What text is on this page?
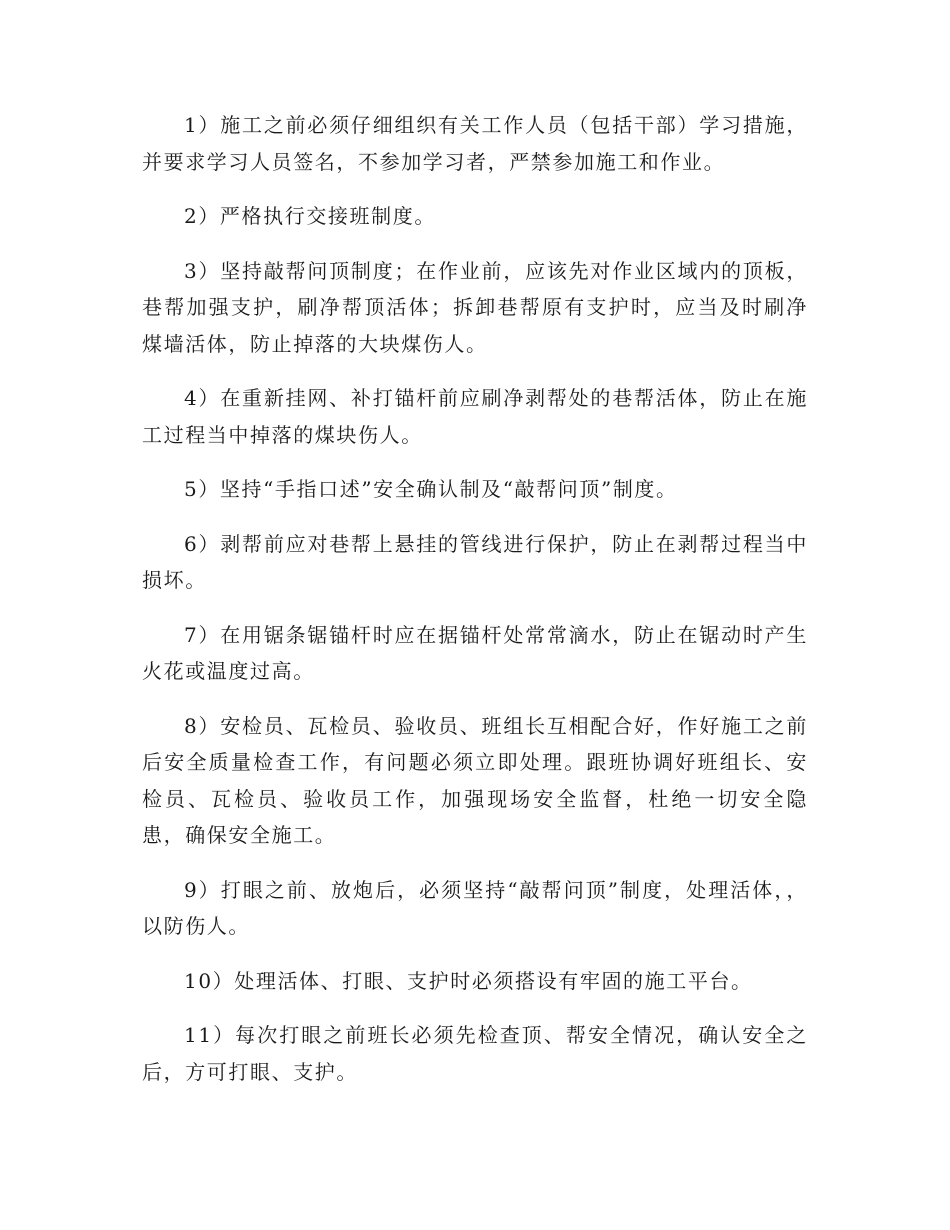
1）施工之前必须仔细组织有关工作人员（包括干部）学习措施，并要求学习人员签名，不参加学习者，严禁参加施工和作业。

2）严格执行交接班制度。

3）坚持敲帮问顶制度；在作业前，应该先对作业区域内的顶板，巷帮加强支护，刷净帮顶活体；拆卸巷帮原有支护时，应当及时刷净煤墙活体，防止掉落的大块煤伤人。

4）在重新挂网、补打锚杆前应刷净剥帮处的巷帮活体，防止在施工过程当中掉落的煤块伤人。

5）坚持“手指口述”安全确认制及“敲帮问顶”制度。

6）剥帮前应对巷帮上悬挂的管线进行保护，防止在剥帮过程当中损坏。

7）在用锯条锯锚杆时应在据锚杆处常常滴水，防止在锯动时产生火花或温度过高。

8）安检员、瓦检员、验收员、班组长互相配合好，作好施工之前后安全质量检查工作，有问题必须立即处理。跟班协调好班组长、安检员、瓦检员、验收员工作，加强现场安全监督，杜绝一切安全隐患，确保安全施工。

9）打眼之前、放炮后，必须坚持“敲帮问顶”制度，处理活体，，以防伤人。

10）处理活体、打眼、支护时必须搭设有牢固的施工平台。

11）每次打眼之前班长必须先检查顶、帮安全情况，确认安全之后，方可打眼、支护。
